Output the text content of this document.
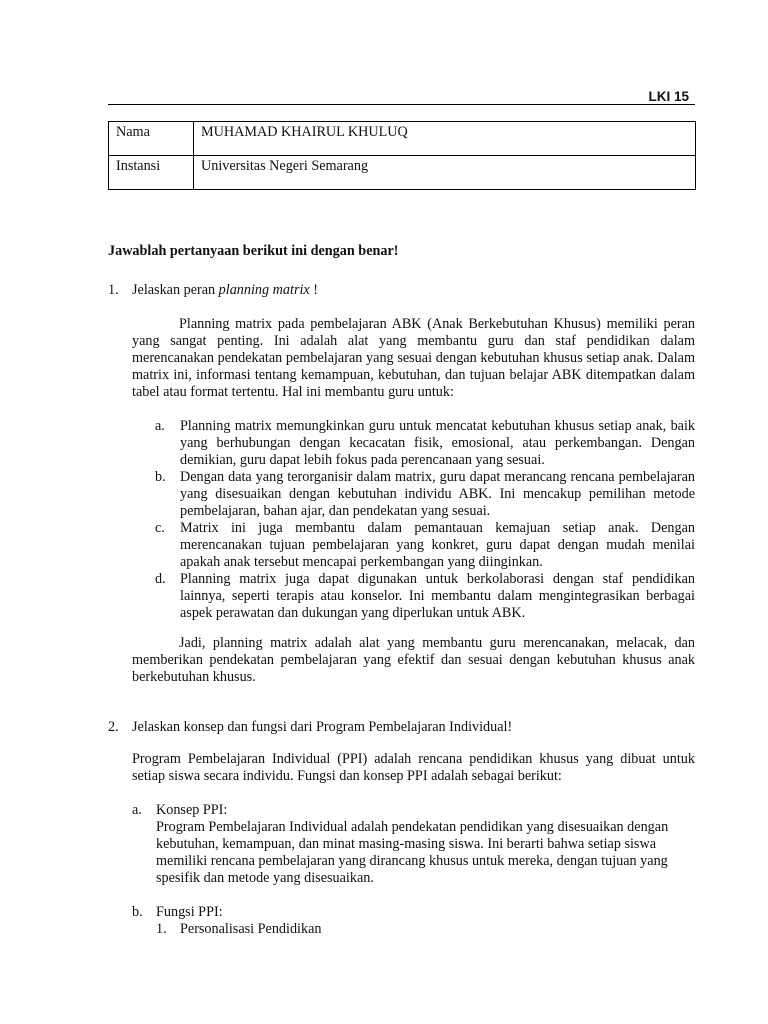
LKI 15
Nama	MUHAMAD KHAIRUL KHULUQ
Instansi	Universitas Negeri Semarang
Jawablah pertanyaan berikut ini dengan benar!
1. Jelaskan peran planning matrix !

Planning matrix pada pembelajaran ABK (Anak Berkebutuhan Khusus) memiliki peran yang sangat penting. Ini adalah alat yang membantu guru dan staf pendidikan dalam merencanakan pendekatan pembelajaran yang sesuai dengan kebutuhan khusus setiap anak. Dalam matrix ini, informasi tentang kemampuan, kebutuhan, dan tujuan belajar ABK ditempatkan dalam tabel atau format tertentu. Hal ini membantu guru untuk:

a. Planning matrix memungkinkan guru untuk mencatat kebutuhan khusus setiap anak, baik yang berhubungan dengan kecacatan fisik, emosional, atau perkembangan. Dengan demikian, guru dapat lebih fokus pada perencanaan yang sesuai.
b. Dengan data yang terorganisir dalam matrix, guru dapat merancang rencana pembelajaran yang disesuaikan dengan kebutuhan individu ABK. Ini mencakup pemilihan metode pembelajaran, bahan ajar, dan pendekatan yang sesuai.
c. Matrix ini juga membantu dalam pemantauan kemajuan setiap anak. Dengan merencanakan tujuan pembelajaran yang konkret, guru dapat dengan mudah menilai apakah anak tersebut mencapai perkembangan yang diinginkan.
d. Planning matrix juga dapat digunakan untuk berkolaborasi dengan staf pendidikan lainnya, seperti terapis atau konselor. Ini membantu dalam mengintegrasikan berbagai aspek perawatan dan dukungan yang diperlukan untuk ABK.

Jadi, planning matrix adalah alat yang membantu guru merencanakan, melacak, dan memberikan pendekatan pembelajaran yang efektif dan sesuai dengan kebutuhan khusus anak berkebutuhan khusus.

2. Jelaskan konsep dan fungsi dari Program Pembelajaran Individual!

Program Pembelajaran Individual (PPI) adalah rencana pendidikan khusus yang dibuat untuk setiap siswa secara individu. Fungsi dan konsep PPI adalah sebagai berikut:

a. Konsep PPI:

Program Pembelajaran Individual adalah pendekatan pendidikan yang disesuaikan dengan kebutuhan, kemampuan, dan minat masing-masing siswa. Ini berarti bahwa setiap siswa memiliki rencana pembelajaran yang dirancang khusus untuk mereka, dengan tujuan yang spesifik dan metode yang disesuaikan.

b. Fungsi PPI:

1. Personalisasi Pendidikan
